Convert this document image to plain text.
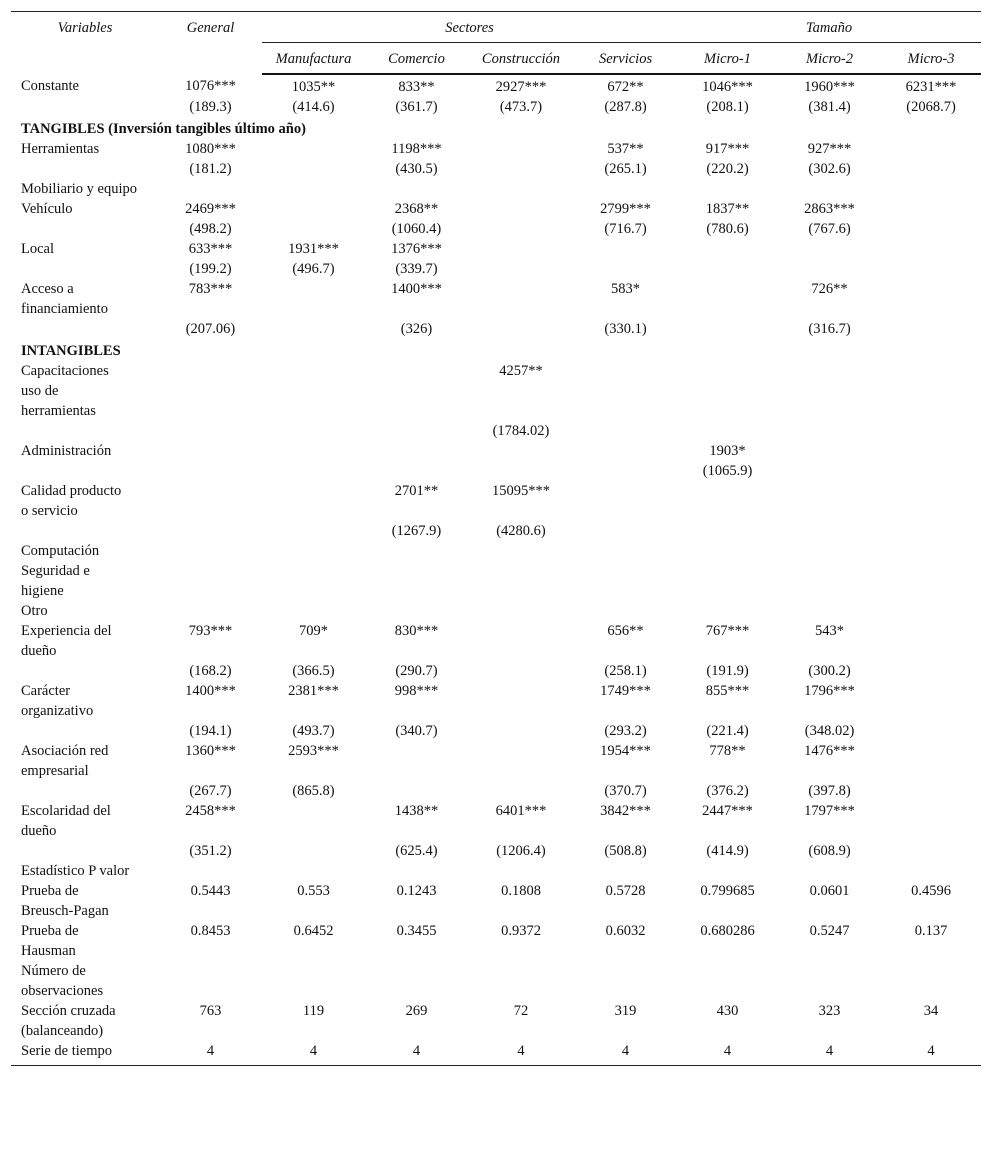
Variables	General	Sectores				Tamaño		
		Manufactura	Comercio	Construcción	Servicios	Micro-1	Micro-2	Micro-3
Constante	1076***	1035**	833**	2927***	672**	1046***	1960***	6231***
	(189.3)	(414.6)	(361.7)	(473.7)	(287.8)	(208.1)	(381.4)	(2068.7)
TANGIBLES (Inversión tangibles último año)								
Herramientas	1080***		1198***		537**	917***	927***	
	(181.2)		(430.5)		(265.1)	(220.2)	(302.6)	
Mobiliario y equipo								
Vehículo	2469***		2368**		2799***	1837**	2863***	
	(498.2)		(1060.4)		(716.7)	(780.6)	(767.6)	
Local	633***	1931***	1376***					
	(199.2)	(496.7)	(339.7)					
Acceso a
financiamiento	783***		1400***		583*		726**	
	(207.06)		(326)		(330.1)		(316.7)	
INTANGIBLES								
Capacitaciones
uso de
herramientas				4257**				
				(1784.02)				
Administración						1903*		
						(1065.9)		
Calidad producto
o servicio			2701**	15095***				
			(1267.9)	(4280.6)				
Computación								
Seguridad e
higiene								
Otro								
Experiencia del
dueño	793***	709*	830***		656**	767***	543*	
	(168.2)	(366.5)	(290.7)		(258.1)	(191.9)	(300.2)	
Carácter
organizativo	1400***	2381***	998***		1749***	855***	1796***	
	(194.1)	(493.7)	(340.7)		(293.2)	(221.4)	(348.02)	
Asociación red
empresarial	1360***	2593***			1954***	778**	1476***	
	(267.7)	(865.8)			(370.7)	(376.2)	(397.8)	
Escolaridad del
dueño	2458***		1438**	6401***	3842***	2447***	1797***	
	(351.2)		(625.4)	(1206.4)	(508.8)	(414.9)	(608.9)	
Estadístico P valor								
Prueba de
Breusch-Pagan	0.5443	0.553	0.1243	0.1808	0.5728	0.799685	0.0601	0.4596
Prueba de
Hausman	0.8453	0.6452	0.3455	0.9372	0.6032	0.680286	0.5247	0.137
Número de
observaciones								
Sección cruzada
(balanceando)	763	119	269	72	319	430	323	34
Serie de tiempo	4	4	4	4	4	4	4	4
